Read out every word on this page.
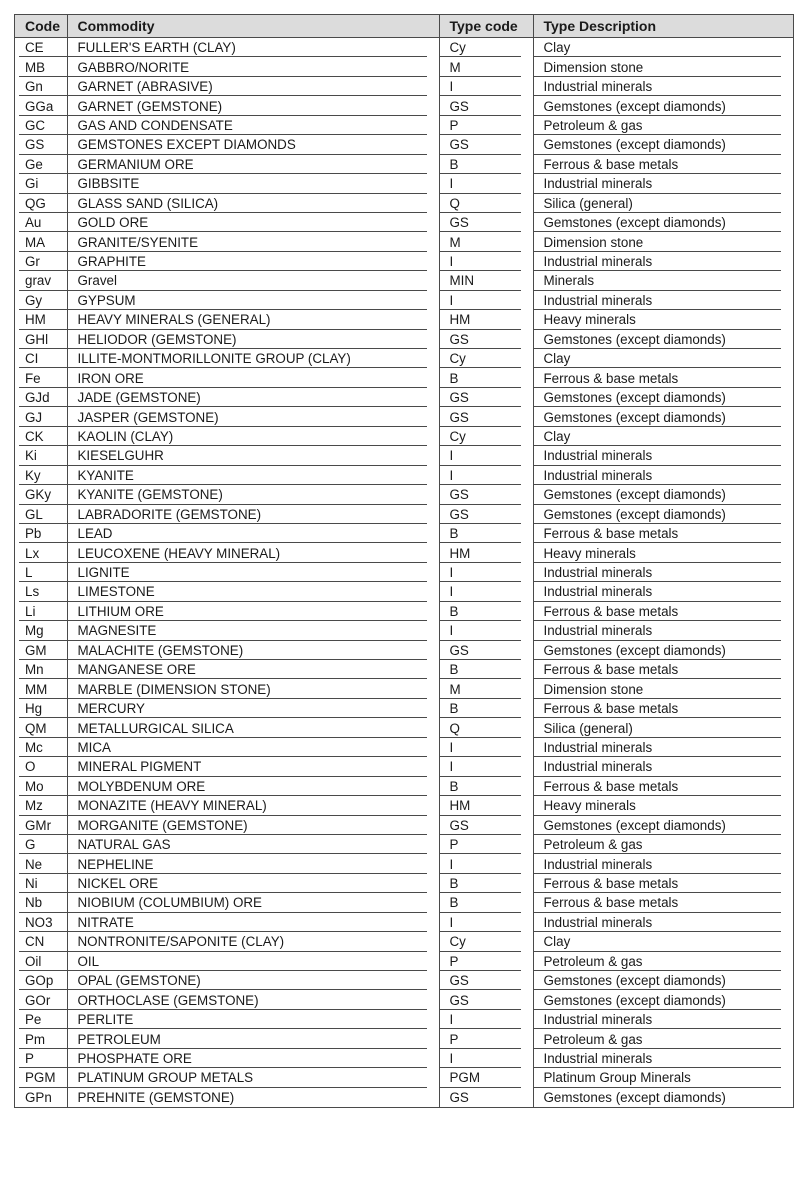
Code	Commodity	Type code	Type Description
CE	FULLER'S EARTH (CLAY)	Cy	Clay
MB	GABBRO/NORITE	M	Dimension stone
Gn	GARNET (ABRASIVE)	I	Industrial minerals
GGa	GARNET (GEMSTONE)	GS	Gemstones (except diamonds)
GC	GAS AND CONDENSATE	P	Petroleum & gas
GS	GEMSTONES EXCEPT DIAMONDS	GS	Gemstones (except diamonds)
Ge	GERMANIUM ORE	B	Ferrous & base metals
Gi	GIBBSITE	I	Industrial minerals
QG	GLASS SAND (SILICA)	Q	Silica (general)
Au	GOLD ORE	GS	Gemstones (except diamonds)
MA	GRANITE/SYENITE	M	Dimension stone
Gr	GRAPHITE	I	Industrial minerals
grav	Gravel	MIN	Minerals
Gy	GYPSUM	I	Industrial minerals
HM	HEAVY MINERALS (GENERAL)	HM	Heavy minerals
GHl	HELIODOR (GEMSTONE)	GS	Gemstones (except diamonds)
CI	ILLITE-MONTMORILLONITE GROUP (CLAY)	Cy	Clay
Fe	IRON ORE	B	Ferrous & base metals
GJd	JADE (GEMSTONE)	GS	Gemstones (except diamonds)
GJ	JASPER (GEMSTONE)	GS	Gemstones (except diamonds)
CK	KAOLIN (CLAY)	Cy	Clay
Ki	KIESELGUHR	I	Industrial minerals
Ky	KYANITE	I	Industrial minerals
GKy	KYANITE (GEMSTONE)	GS	Gemstones (except diamonds)
GL	LABRADORITE (GEMSTONE)	GS	Gemstones (except diamonds)
Pb	LEAD	B	Ferrous & base metals
Lx	LEUCOXENE (HEAVY MINERAL)	HM	Heavy minerals
L	LIGNITE	I	Industrial minerals
Ls	LIMESTONE	I	Industrial minerals
Li	LITHIUM ORE	B	Ferrous & base metals
Mg	MAGNESITE	I	Industrial minerals
GM	MALACHITE (GEMSTONE)	GS	Gemstones (except diamonds)
Mn	MANGANESE ORE	B	Ferrous & base metals
MM	MARBLE (DIMENSION STONE)	M	Dimension stone
Hg	MERCURY	B	Ferrous & base metals
QM	METALLURGICAL SILICA	Q	Silica (general)
Mc	MICA	I	Industrial minerals
O	MINERAL PIGMENT	I	Industrial minerals
Mo	MOLYBDENUM ORE	B	Ferrous & base metals
Mz	MONAZITE (HEAVY MINERAL)	HM	Heavy minerals
GMr	MORGANITE (GEMSTONE)	GS	Gemstones (except diamonds)
G	NATURAL GAS	P	Petroleum & gas
Ne	NEPHELINE	I	Industrial minerals
Ni	NICKEL ORE	B	Ferrous & base metals
Nb	NIOBIUM (COLUMBIUM) ORE	B	Ferrous & base metals
NO3	NITRATE	I	Industrial minerals
CN	NONTRONITE/SAPONITE (CLAY)	Cy	Clay
Oil	OIL	P	Petroleum & gas
GOp	OPAL (GEMSTONE)	GS	Gemstones (except diamonds)
GOr	ORTHOCLASE (GEMSTONE)	GS	Gemstones (except diamonds)
Pe	PERLITE	I	Industrial minerals
Pm	PETROLEUM	P	Petroleum & gas
P	PHOSPHATE ORE	I	Industrial minerals
PGM	PLATINUM GROUP METALS	PGM	Platinum Group Minerals
GPn	PREHNITE (GEMSTONE)	GS	Gemstones (except diamonds)
